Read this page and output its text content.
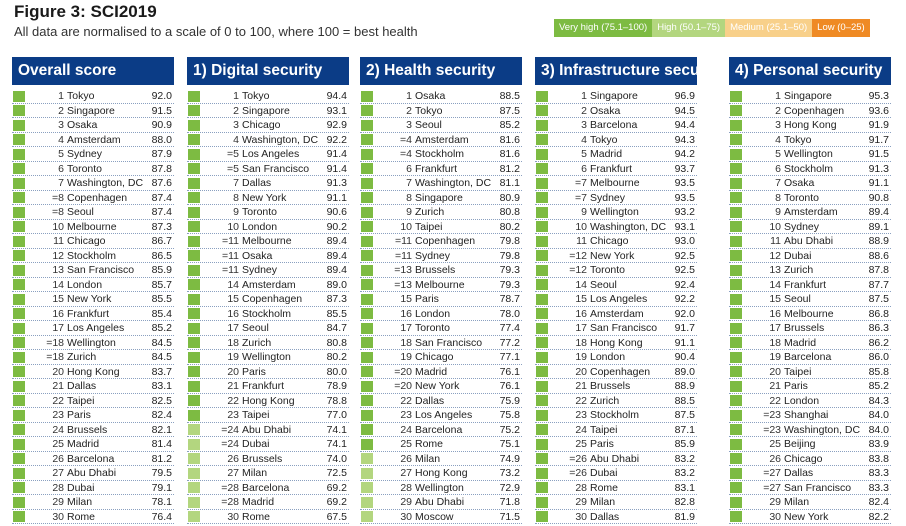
Figure 3: SCI2019
All data are normalised to a scale of 0 to 100, where 100 = best health	Very high (75.1–100)	High (50.1–75)	Medium (25.1–50)	Low (0–25)
Overall score
1 Tokyo	92.0
2 Singapore	91.5
3 Osaka	90.9
4 Amsterdam	88.0
5 Sydney	87.9
6 Toronto	87.8
7 Washington, DC 87.6
=8 Copenhagen 87.4
=8 Seoul	87.4
10 Melbourne	87.3
11 Chicago	86.7
12 Stockholm	86.5
13 San Francisco 85.9
14 London	85.7
15 New York	85.5
16 Frankfurt	85.4
17 Los Angeles	85.2
=18 Wellington	84.5
=18 Zurich	84.5
20 Hong Kong	83.7
21 Dallas	83.1
22 Taipei	82.5
23 Paris	82.4
24 Brussels	82.1
25 Madrid	81.4
26 Barcelona	81.2
27 Abu Dhabi	79.5
28 Dubai	79.1
29 Milan	78.1
30 Rome	76.4
1) Digital security
1 Tokyo	94.4
2 Singapore	93.1
3 Chicago	92.9
4 Washington, DC 92.2
=5 Los Angeles	91.4
=5 San Francisco 91.4
7 Dallas	91.3
8 New York	91.1
9 Toronto	90.6
10 London	90.2
=11 Melbourne	89.4
=11 Osaka	89.4
=11 Sydney	89.4
14 Amsterdam	89.0
15 Copenhagen 87.3
16 Stockholm	85.5
17 Seoul	84.7
18 Zurich	80.8
19 Wellington	80.2
20 Paris	80.0
21 Frankfurt	78.9
22 Hong Kong	78.8
23 Taipei	77.0
=24 Abu Dhabi	74.1
=24 Dubai	74.1
26 Brussels	74.0
27 Milan	72.5
=28 Barcelona	69.2
=28 Madrid	69.2
30 Rome	67.5
2) Health security
1 Osaka	88.5
2 Tokyo	87.5
3 Seoul	85.2
=4 Amsterdam	81.6
=4 Stockholm	81.6
6 Frankfurt	81.2
7 Washington, DC 81.1
8 Singapore	80.9
9 Zurich	80.8
10 Taipei	80.2
=11 Copenhagen 79.8
=11 Sydney	79.8
=13 Brussels	79.3
=13 Melbourne	79.3
15 Paris	78.7
16 London	78.0
17 Toronto	77.4
18 San Francisco 77.2
19 Chicago	77.1
=20 Madrid	76.1
=20 New York	76.1
22 Dallas	75.9
23 Los Angeles	75.8
24 Barcelona	75.2
25 Rome	75.1
26 Milan	74.9
27 Hong Kong	73.2
28 Wellington	72.9
29 Abu Dhabi	71.8
30 Moscow	71.5
3) Infrastructure security
1 Singapore	96.9
2 Osaka	94.5
3 Barcelona	94.4
4 Tokyo	94.3
5 Madrid	94.2
6 Frankfurt	93.7
=7 Melbourne	93.5
=7 Sydney	93.5
9 Wellington	93.2
10 Washington, DC 93.1
11 Chicago	93.0
=12 New York	92.5
=12 Toronto	92.5
14 Seoul	92.4
15 Los Angeles	92.2
16 Amsterdam	92.0
17 San Francisco 91.7
18 Hong Kong	91.1
19 London	90.4
20 Copenhagen 89.0
21 Brussels	88.9
22 Zurich	88.5
23 Stockholm	87.5
24 Taipei	87.1
25 Paris	85.9
=26 Abu Dhabi	83.2
=26 Dubai	83.2
28 Rome	83.1
29 Milan	82.8
30 Dallas	81.9
4) Personal security
1 Singapore	95.3
2 Copenhagen 93.6
3 Hong Kong	91.9
4 Tokyo	91.7
5 Wellington	91.5
6 Stockholm	91.3
7 Osaka	91.1
8 Toronto	90.8
9 Amsterdam	89.4
10 Sydney	89.1
11 Abu Dhabi	88.9
12 Dubai	88.6
13 Zurich	87.8
14 Frankfurt	87.7
15 Seoul	87.5
16 Melbourne	86.8
17 Brussels	86.3
18 Madrid	86.2
19 Barcelona	86.0
20 Taipei	85.8
21 Paris	85.2
22 London	84.3
=23 Shanghai	84.0
=23 Washington, DC 84.0
25 Beijing	83.9
26 Chicago	83.8
=27 Dallas	83.3
=27 San Francisco 83.3
29 Milan	82.4
30 New York	82.2
